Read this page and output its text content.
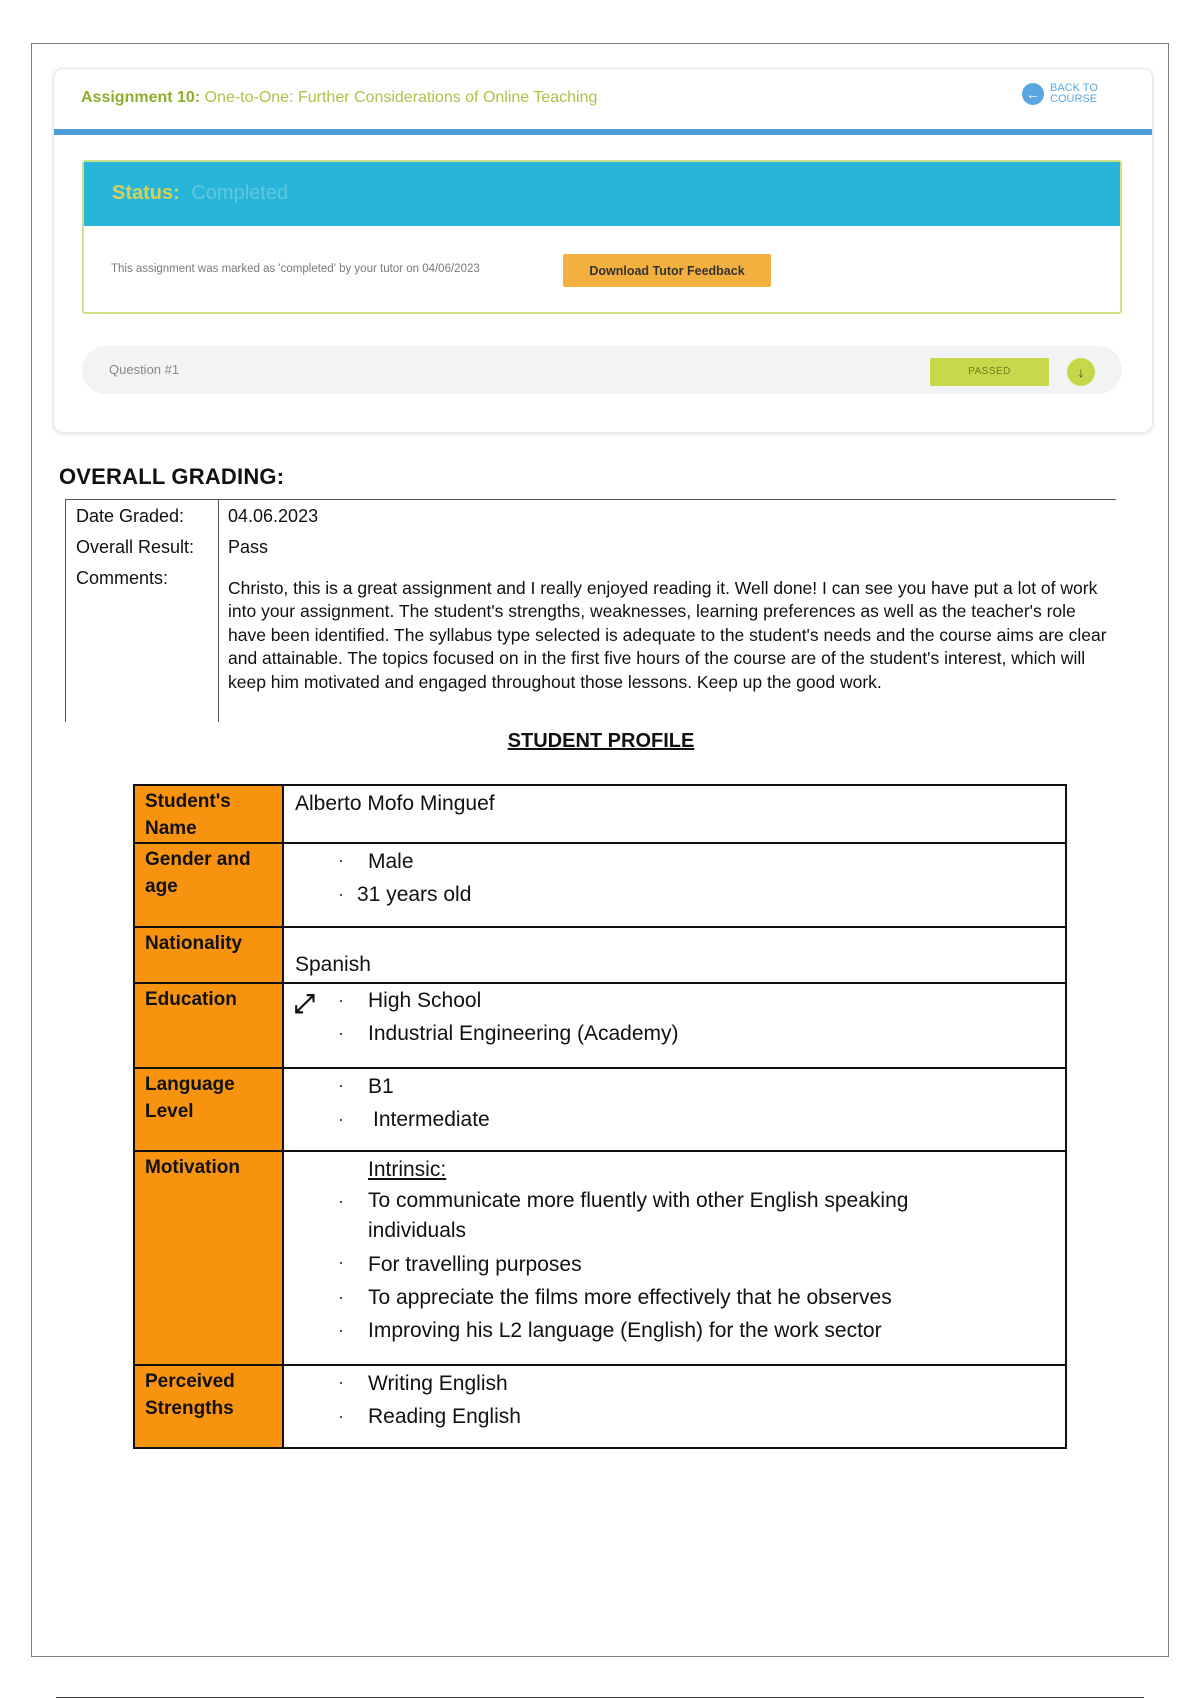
Assignment 10: One-to-One: Further Considerations of Online Teaching	← BACK TO COURSE
Status: Completed
This assignment was marked as 'completed' by your tutor on 04/06/2023	Download Tutor Feedback
Question #1	PASSED	↓
OVERALL GRADING:
Date Graded: 04.06.2023
Overall Result: Pass
Comments:	Christo, this is a great assignment and I really enjoyed reading it. Well done! I can see you have put a lot of work into your assignment. The student's strengths, weaknesses, learning preferences as well as the teacher's role have been identified. The syllabus type selected is adequate to the student's needs and the course aims are clear and attainable. The topics focused on in the first five hours of the course are of the student's interest, which will keep him motivated and engaged throughout those lessons. Keep up the good work.
STUDENT PROFILE
Student's Name	Alberto Mofo Minguef

Gender and age	· Male
· 31 years old

Nationality	Spanish

Education	⤢ · High School
· Industrial Engineering (Academy)

Language Level	· B1
· Intermediate

Motivation	Intrinsic:
· To communicate more fluently with other English speaking individuals
· For travelling purposes
· To appreciate the films more effectively that he observes
· Improving his L2 language (English) for the work sector

Perceived Strengths	· Writing English
· Reading English
